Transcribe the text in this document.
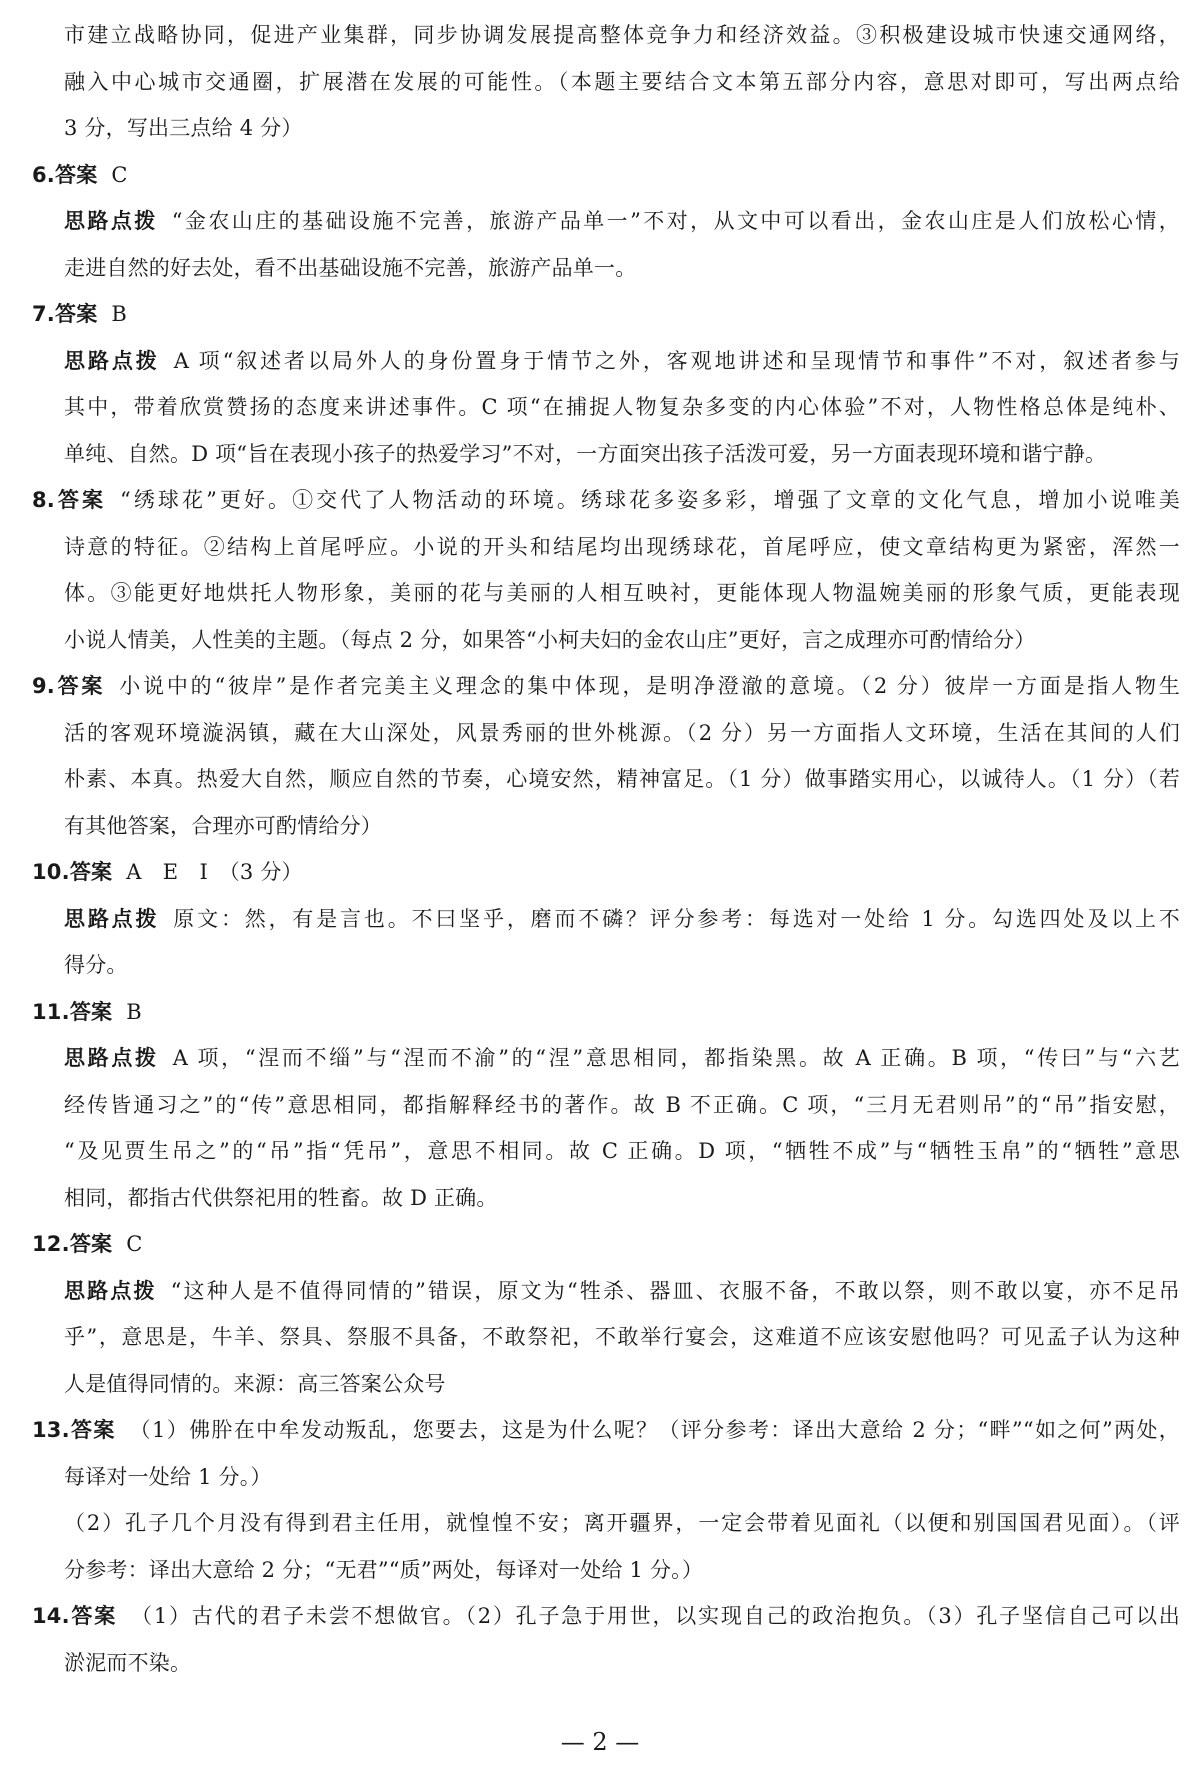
市建立战略协同，促进产业集群，同步协调发展提高整体竞争力和经济效益。③积极建设城市快速交通网络，
融入中心城市交通圈，扩展潜在发展的可能性。（本题主要结合文本第五部分内容，意思对即可，写出两点给
3 分，写出三点给 4 分）
6.答案 C
思路点拨 “金农山庄的基础设施不完善，旅游产品单一”不对，从文中可以看出，金农山庄是人们放松心情，
走进自然的好去处，看不出基础设施不完善，旅游产品单一。
7.答案 B
思路点拨 A 项“叙述者以局外人的身份置身于情节之外，客观地讲述和呈现情节和事件”不对，叙述者参与
其中，带着欣赏赞扬的态度来讲述事件。C 项“在捕捉人物复杂多变的内心体验”不对，人物性格总体是纯朴、
单纯、自然。D 项“旨在表现小孩子的热爱学习”不对，一方面突出孩子活泼可爱，另一方面表现环境和谐宁静。
8.答案 “绣球花”更好。①交代了人物活动的环境。绣球花多姿多彩，增强了文章的文化气息，增加小说唯美
诗意的特征。②结构上首尾呼应。小说的开头和结尾均出现绣球花，首尾呼应，使文章结构更为紧密，浑然一
体。③能更好地烘托人物形象，美丽的花与美丽的人相互映衬，更能体现人物温婉美丽的形象气质，更能表现
小说人情美，人性美的主题。（每点 2 分，如果答“小柯夫妇的金农山庄”更好，言之成理亦可酌情给分）
9.答案 小说中的“彼岸”是作者完美主义理念的集中体现，是明净澄澈的意境。（2 分）彼岸一方面是指人物生
活的客观环境漩涡镇，藏在大山深处，风景秀丽的世外桃源。（2 分）另一方面指人文环境，生活在其间的人们
朴素、本真。热爱大自然，顺应自然的节奏，心境安然，精神富足。（1 分）做事踏实用心，以诚待人。（1 分）（若
有其他答案，合理亦可酌情给分）
10.答案 A　E　I　（3 分）
思路点拨 原文：然，有是言也。不曰坚乎，磨而不磷？评分参考：每选对一处给 1 分。勾选四处及以上不
得分。
11.答案 B
思路点拨 A 项，“涅而不缁”与“涅而不渝”的“涅”意思相同，都指染黑。故 A 正确。B 项，“传曰”与“六艺
经传皆通习之”的“传”意思相同，都指解释经书的著作。故 B 不正确。C 项，“三月无君则吊”的“吊”指安慰，
“及见贾生吊之”的“吊”指“凭吊”，意思不相同。故 C 正确。D 项，“牺牲不成”与“牺牲玉帛”的“牺牲”意思
相同，都指古代供祭祀用的牲畜。故 D 正确。
12.答案 C
思路点拨 “这种人是不值得同情的”错误，原文为“牲杀、器皿、衣服不备，不敢以祭，则不敢以宴，亦不足吊
乎”，意思是，牛羊、祭具、祭服不具备，不敢祭祀，不敢举行宴会，这难道不应该安慰他吗？可见孟子认为这种
人是值得同情的。来源：高三答案公众号
13.答案 （1）佛肸在中牟发动叛乱，您要去，这是为什么呢？（评分参考：译出大意给 2 分；“畔”“如之何”两处，
每译对一处给 1 分。）
（2）孔子几个月没有得到君主任用，就惶惶不安；离开疆界，一定会带着见面礼（以便和别国国君见面）。（评
分参考：译出大意给 2 分；“无君”“质”两处，每译对一处给 1 分。）
14.答案 （1）古代的君子未尝不想做官。（2）孔子急于用世，以实现自己的政治抱负。（3）孔子坚信自己可以出
淤泥而不染。
— 2 —
